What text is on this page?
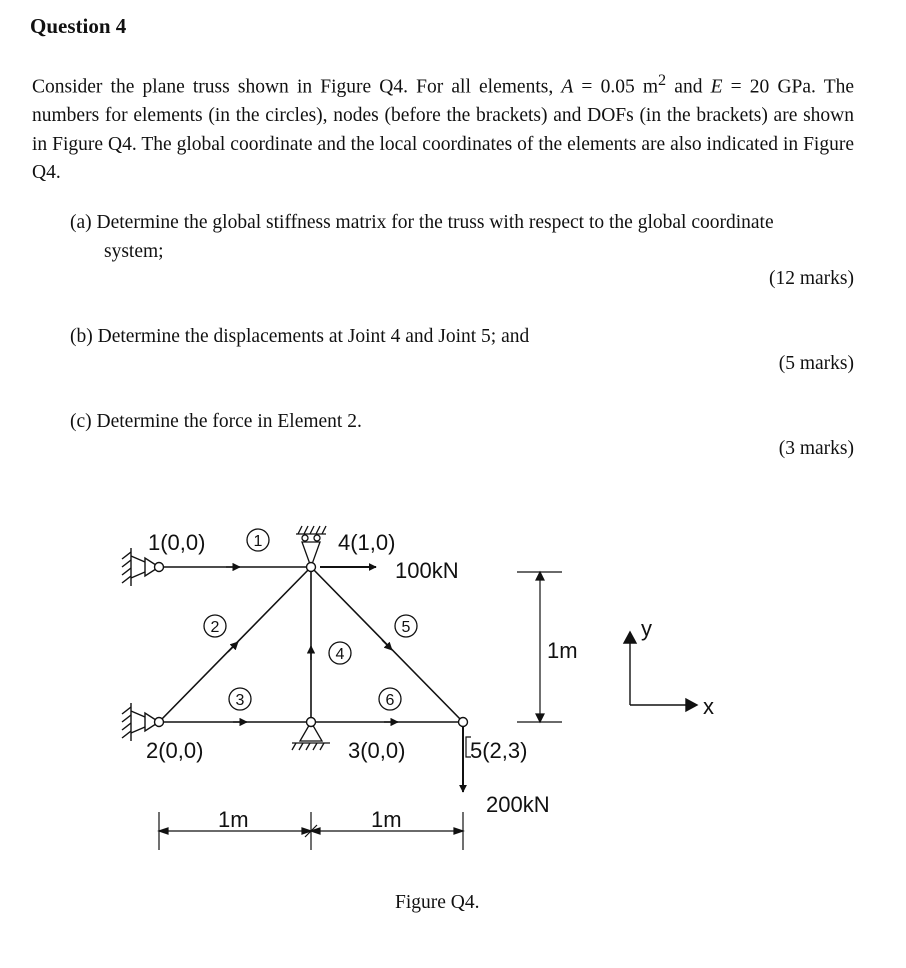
Question 4
Consider the plane truss shown in Figure Q4. For all elements, A = 0.05 $m^2$ and E = 20 GPa. The numbers for elements (in the circles), nodes (before the brackets) and DOFs (in the brackets) are shown in Figure Q4. The global coordinate and the local coordinates of the elements are also indicated in Figure Q4.
(a) Determine the global stiffness matrix for the truss with respect to the global coordinate
system;
(12 marks)
(b) Determine the displacements at Joint 4 and Joint 5; and
(5 marks)
(c) Determine the force in Element 2.
(3 marks)
1
2
3
4
5
6
1(0,0)	4(1,0)
2(0,0)	3(0,0)	5(2,3)
100kN
200kN
1m
1m	1m
y
x
Figure Q4.
